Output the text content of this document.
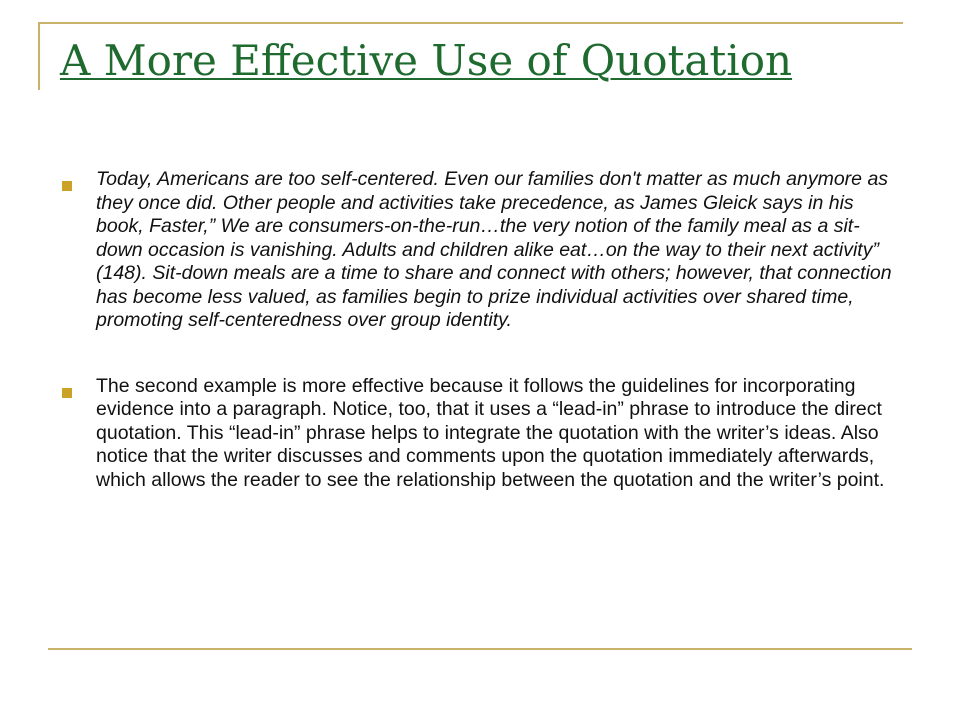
A More Effective Use of Quotation
Today, Americans are too self-centered. Even our families don't matter as much anymore as they once did. Other people and activities take precedence, as James Gleick says in his book, Faster,” We are consumers-on-the-run…the very notion of the family meal as a sit-down occasion is vanishing. Adults and children alike eat…on the way to their next activity” (148). Sit-down meals are a time to share and connect with others; however, that connection has become less valued, as families begin to prize individual activities over shared time, promoting self-centeredness over group identity.
The second example is more effective because it follows the guidelines for incorporating evidence into a paragraph. Notice, too, that it uses a “lead-in” phrase to introduce the direct quotation. This “lead-in” phrase helps to integrate the quotation with the writer’s ideas. Also notice that the writer discusses and comments upon the quotation immediately afterwards, which allows the reader to see the relationship between the quotation and the writer’s point.
